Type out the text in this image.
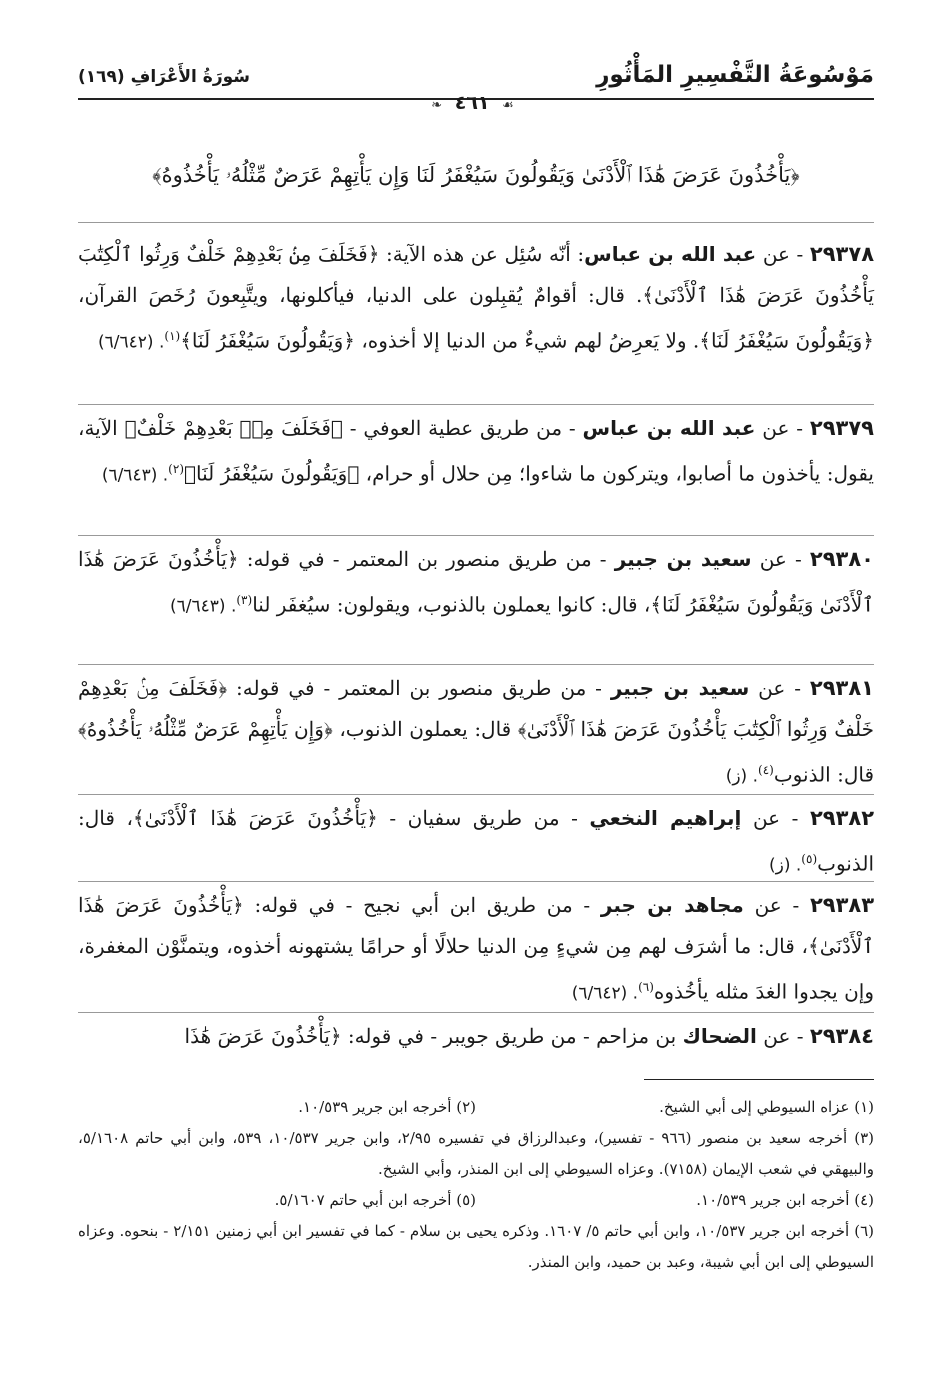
مَوْسُوعَةُ التَّفْسِيرِ المَأْثُورِ
سُورَةُ الأَعْرَافِ (١٦٩)
❧ ٤٦١ ☙
﴿يَأْخُذُونَ عَرَضَ هَٰذَا ٱلْأَدْنَىٰ وَيَقُولُونَ سَيُغْفَرُ لَنَا وَإِن يَأْتِهِمْ عَرَضٌ مِّثْلُهُۥ يَأْخُذُوهُ﴾
٢٩٣٧٨ - عن عبد الله بن عباس: أنّه سُئِل عن هذه الآية: ﴿فَخَلَفَ مِنۢ بَعْدِهِمْ خَلْفٌ وَرِثُوا ٱلْكِتَٰبَ يَأْخُذُونَ عَرَضَ هَٰذَا ٱلْأَدْنَىٰ﴾. قال: أقوامٌ يُقبِلون على الدنيا، فيأكلونها، ويتَّبِعونَ رُخَصَ القرآن، ﴿وَيَقُولُونَ سَيُغْفَرُ لَنَا﴾. ولا يَعرِضُ لهم شيءٌ من الدنيا إلا أخذوه، ﴿وَيَقُولُونَ سَيُغْفَرُ لَنَا﴾$^{(١)}$. (٦/٦٤٢)
٢٩٣٧٩ - عن عبد الله بن عباس - من طريق عطية العوفي - ﴿فَخَلَفَ مِنۢ بَعْدِهِمْ خَلْفٌ﴾ الآية، يقول: يأخذون ما أصابوا، ويتركون ما شاءوا؛ مِن حلال أو حرام، ﴿وَيَقُولُونَ سَيُغْفَرُ لَنَا﴾$^{(٢)}$. (٦/٦٤٣)
٢٩٣٨٠ - عن سعيد بن جبير - من طريق منصور بن المعتمر - في قوله: ﴿يَأْخُذُونَ عَرَضَ هَٰذَا ٱلْأَدْنَىٰ وَيَقُولُونَ سَيُغْفَرُ لَنَا﴾، قال: كانوا يعملون بالذنوب، ويقولون: سيُغفَر لنا$^{(٣)}$. (٦/٦٤٣)
٢٩٣٨١ - عن سعيد بن جبير - من طريق منصور بن المعتمر - في قوله: ﴿فَخَلَفَ مِنۢ بَعْدِهِمْ خَلْفٌ وَرِثُوا ٱلْكِتَٰبَ يَأْخُذُونَ عَرَضَ هَٰذَا ٱلْأَدْنَىٰ﴾ قال: يعملون الذنوب، ﴿وَإِن يَأْتِهِمْ عَرَضٌ مِّثْلُهُۥ يَأْخُذُوهُ﴾ قال: الذنوب$^{(٤)}$. (ز)
٢٩٣٨٢ - عن إبراهيم النخعي - من طريق سفيان - ﴿يَأْخُذُونَ عَرَضَ هَٰذَا ٱلْأَدْنَىٰ﴾، قال: الذنوب$^{(٥)}$. (ز)
٢٩٣٨٣ - عن مجاهد بن جبر - من طريق ابن أبي نجيح - في قوله: ﴿يَأْخُذُونَ عَرَضَ هَٰذَا ٱلْأَدْنَىٰ﴾، قال: ما أشرَف لهم مِن شيءٍ مِن الدنيا حلالًا أو حرامًا يشتهونه أخذوه، ويتمنَّوْن المغفرة، وإن يجدوا الغدَ مثله يأخُذوه$^{(٦)}$. (٦/٦٤٢)
٢٩٣٨٤ - عن الضحاك بن مزاحم - من طريق جويبر - في قوله: ﴿يَأْخُذُونَ عَرَضَ هَٰذَا
(١) عزاه السيوطي إلى أبي الشيخ.
(٢) أخرجه ابن جرير ١٠/٥٣٩.
(٣) أخرجه سعيد بن منصور (٩٦٦ - تفسير)، وعبدالرزاق في تفسيره ٢/٩٥، وابن جرير ١٠/٥٣٧، ٥٣٩، وابن أبي حاتم ٥/١٦٠٨، والبيهقي في شعب الإيمان (٧١٥٨). وعزاه السيوطي إلى ابن المنذر، وأبي الشيخ.
(٤) أخرجه ابن جرير ١٠/٥٣٩.
(٥) أخرجه ابن أبي حاتم ٥/١٦٠٧.
(٦) أخرجه ابن جرير ١٠/٥٣٧، وابن أبي حاتم ٥/ ١٦٠٧. وذكره يحيى بن سلام - كما في تفسير ابن أبي زمنين ٢/١٥١ - بنحوه. وعزاه السيوطي إلى ابن أبي شيبة، وعبد بن حميد، وابن المنذر.
